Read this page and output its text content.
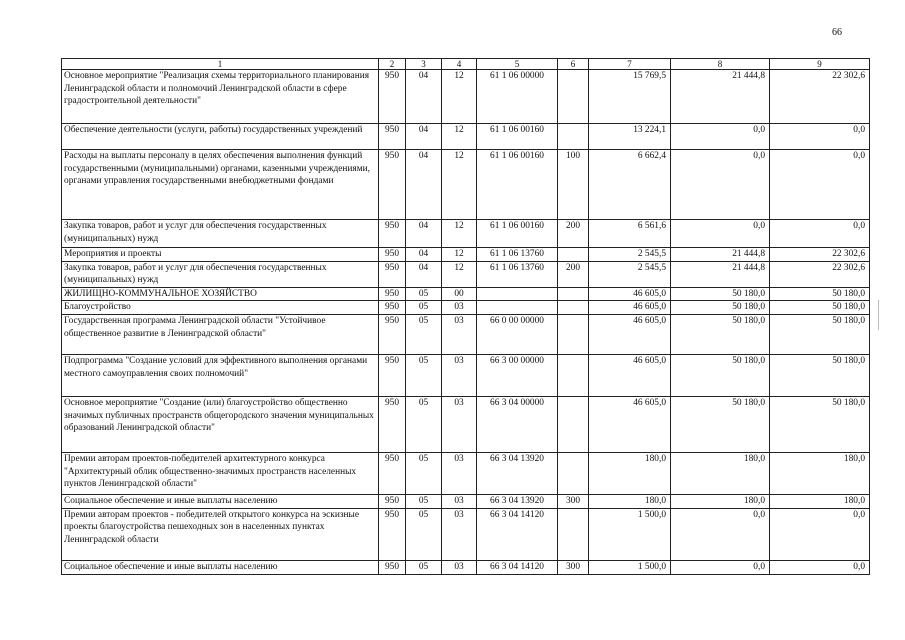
66
1	2	3	4	5	6	7	8	9
Основное мероприятие "Реализация схемы территориального планирования Ленинградской области и полномочий Ленинградской области в сфере градостроительной деятельности"	950	04	12	61 1 06 00000		15 769,5	21 444,8	22 302,6
Обеспечение деятельности (услуги, работы) государственных учреждений	950	04	12	61 1 06 00160		13 224,1	0,0	0,0
Расходы на выплаты персоналу в целях обеспечения выполнения функций государственными (муниципальными) органами, казенными учреждениями, органами управления государственными внебюджетными фондами	950	04	12	61 1 06 00160	100	6 662,4	0,0	0,0
Закупка товаров, работ и услуг для обеспечения государственных (муниципальных) нужд	950	04	12	61 1 06 00160	200	6 561,6	0,0	0,0
Мероприятия и проекты	950	04	12	61 1 06 13760		2 545,5	21 444,8	22 302,6
Закупка товаров, работ и услуг для обеспечения государственных (муниципальных) нужд	950	04	12	61 1 06 13760	200	2 545,5	21 444,8	22 302,6
ЖИЛИЩНО-КОММУНАЛЬНОЕ ХОЗЯЙСТВО	950	05	00			46 605,0	50 180,0	50 180,0
Благоустройство	950	05	03			46 605,0	50 180,0	50 180,0
Государственная программа Ленинградской области "Устойчивое общественное развитие в Ленинградской области"	950	05	03	66 0 00 00000		46 605,0	50 180,0	50 180,0
Подпрограмма "Создание условий для эффективного выполнения органами местного самоуправления своих полномочий"	950	05	03	66 3 00 00000		46 605,0	50 180,0	50 180,0
Основное мероприятие "Создание (или) благоустройство общественно значимых публичных пространств общегородского значения муниципальных образований Ленинградской области"	950	05	03	66 3 04 00000		46 605,0	50 180,0	50 180,0
Премии авторам проектов-победителей архитектурного конкурса "Архитектурный облик общественно-значимых пространств населенных пунктов Ленинградской области"	950	05	03	66 3 04 13920		180,0	180,0	180,0
Социальное обеспечение и иные выплаты населению	950	05	03	66 3 04 13920	300	180,0	180,0	180,0
Премии авторам проектов - победителей открытого конкурса на эскизные проекты благоустройства пешеходных зон в населенных пунктах Ленинградской области	950	05	03	66 3 04 14120		1 500,0	0,0	0,0
Социальное обеспечение и иные выплаты населению	950	05	03	66 3 04 14120	300	1 500,0	0,0	0,0
